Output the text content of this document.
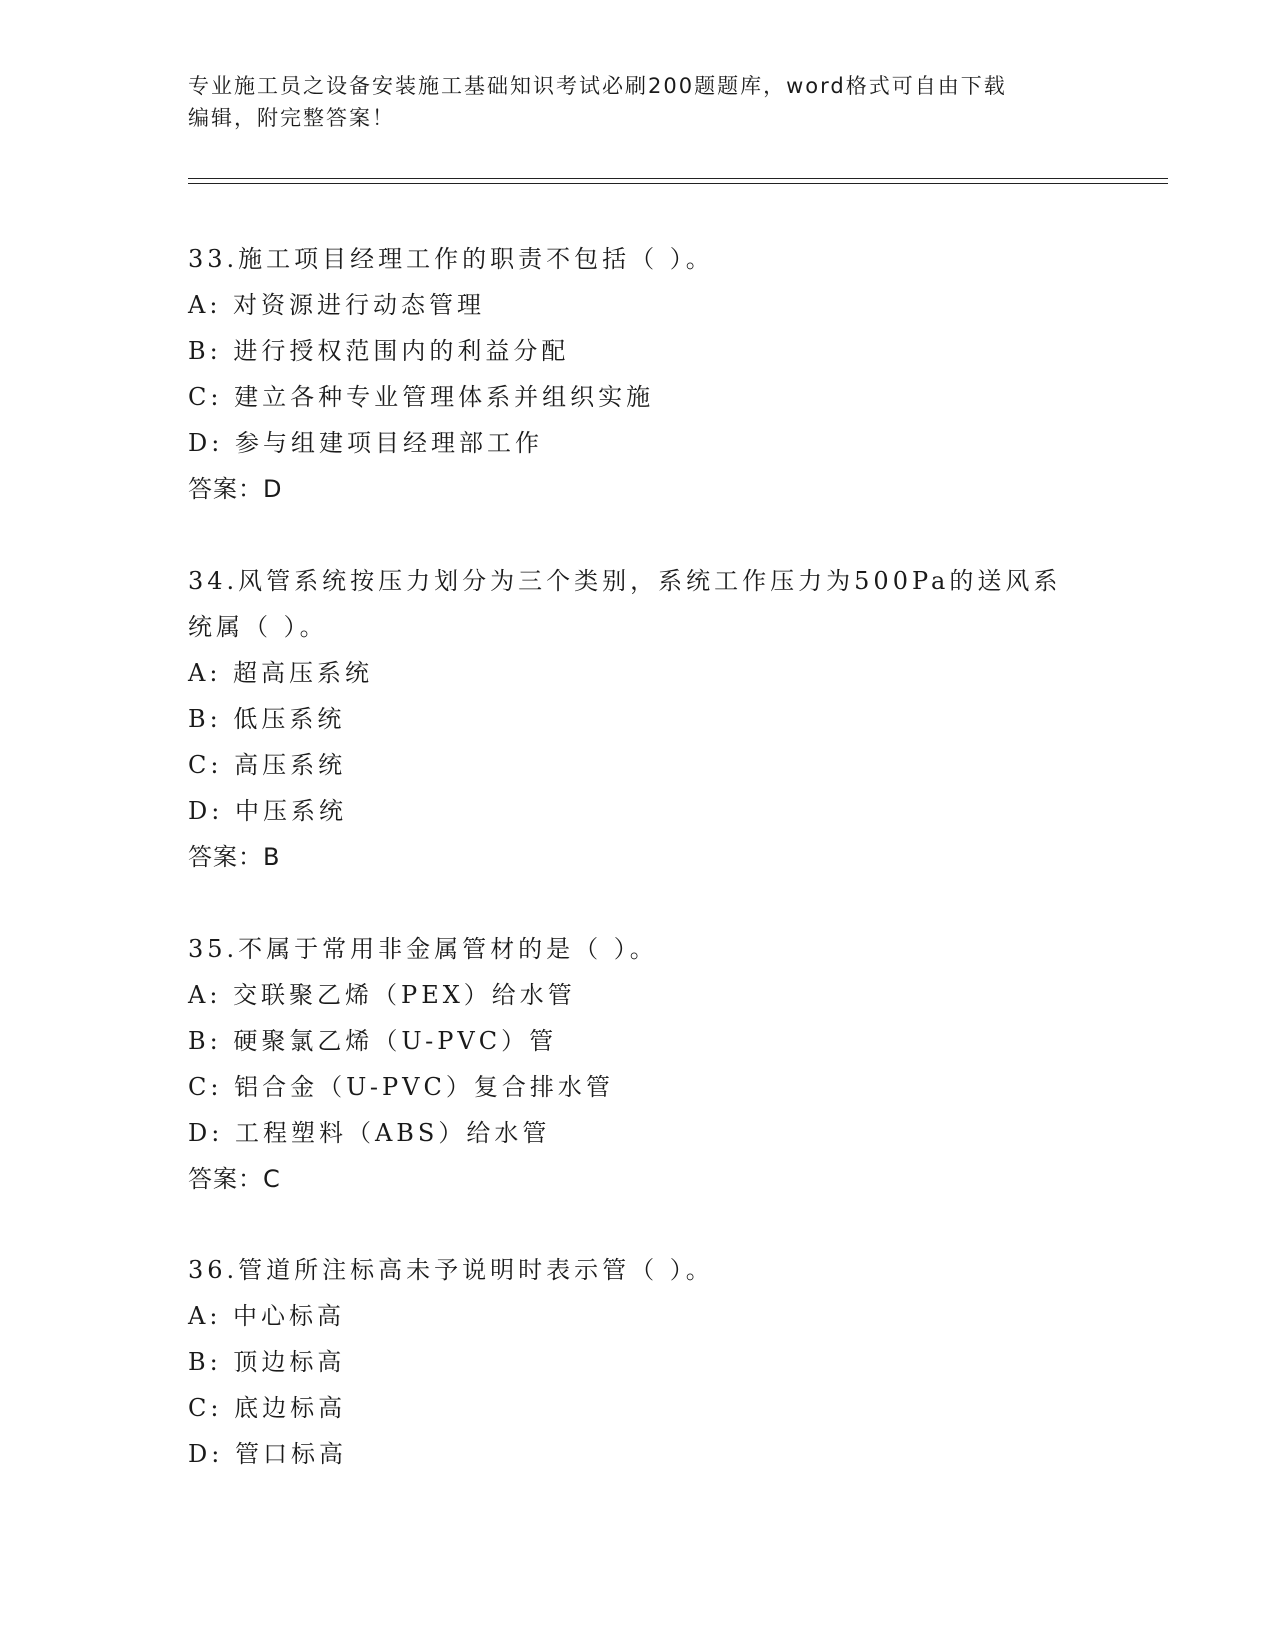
专业施工员之设备安装施工基础知识考试必刷200题题库，word格式可自由下载
编辑，附完整答案！
33.施工项目经理工作的职责不包括（ ）。
A: 对资源进行动态管理
B: 进行授权范围内的利益分配
C: 建立各种专业管理体系并组织实施
D: 参与组建项目经理部工作
答案：D
34.风管系统按压力划分为三个类别，系统工作压力为500Pa的送风系
统属（ ）。
A: 超高压系统
B: 低压系统
C: 高压系统
D: 中压系统
答案：B
35.不属于常用非金属管材的是（ ）。
A: 交联聚乙烯（PEX）给水管
B: 硬聚氯乙烯（U-PVC）管
C: 铝合金（U-PVC）复合排水管
D: 工程塑料（ABS）给水管
答案：C
36.管道所注标高未予说明时表示管（ ）。
A: 中心标高
B: 顶边标高
C: 底边标高
D: 管口标高
